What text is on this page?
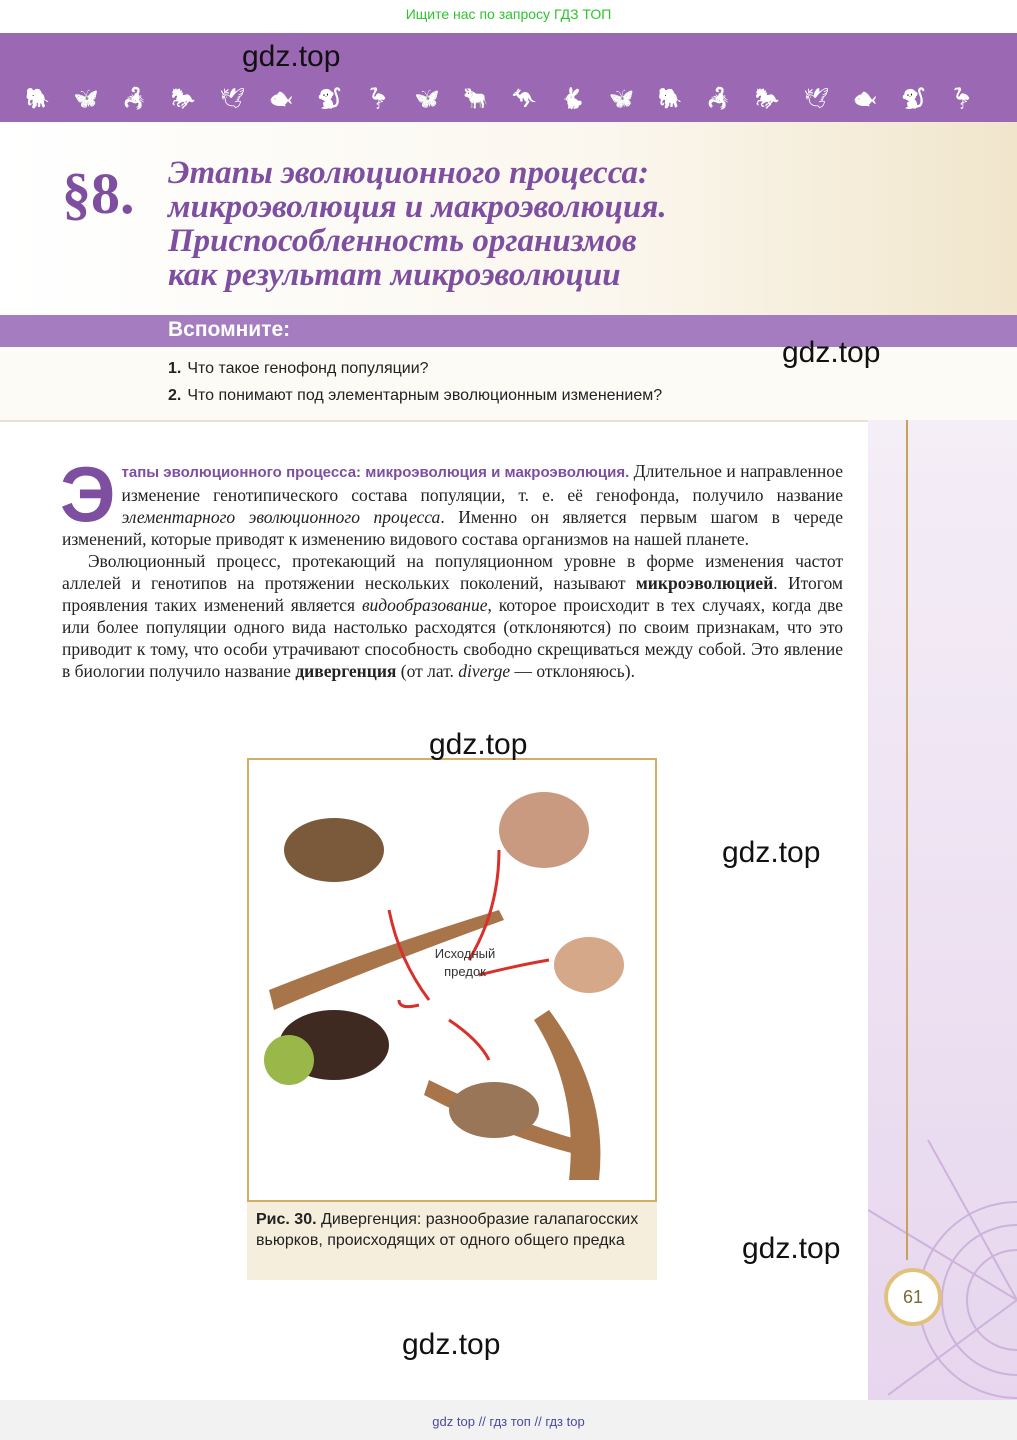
Ищите нас по запросу ГДЗ ТОП
🐘 🦋 🦂 🐎 🕊 🐟 🐒 🦩 🦋 🐂 🦘 🐇 🦋 🐘 🦂 🐎 🕊 🐟 🐒 🦩
§8. Этапы эволюционного процесса:
микроэволюция и макроэволюция.
Приспособленность организмов
как результат микроэволюции
Вспомните:
1. Что такое генофонд популяции?
2. Что понимают под элементарным эволюционным изменением?

Этапы эволюционного процесса: микроэволюция и макроэволюция. Длительное и направленное изменение генотипического состава популяции, т. е. её генофонда, получило название элементарного эволюционного процесса. Именно он является первым шагом в череде изменений, которые приводят к изменению видового состава организмов на нашей планете.

Эволюционный процесс, протекающий на популяционном уровне в форме изменения частот аллелей и генотипов на протяжении нескольких поколений, называют микроэволюцией. Итогом проявления таких изменений является видообразование, которое происходит в тех случаях, когда две или более популяции одного вида настолько расходятся (отклоняются) по своим признакам, что это приводит к тому, что особи утрачивают способность свободно скрещиваться между собой. Это явление в биологии получило название дивергенция (от лат. diverge — отклоняюсь).

Исходный
предок
Рис. 30. Дивергенция: разнообразие галапагосских вьюрков, происходящих от одного общего предка
61
gdz.top
gdz.top
gdz.top
gdz.top
gdz.top
gdz.top
gdz top // гдз топ // гдз top
